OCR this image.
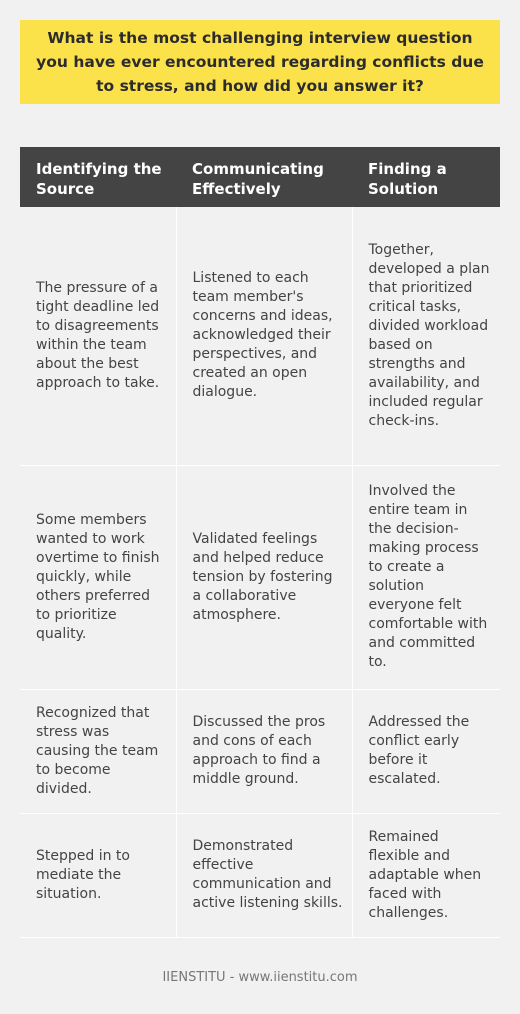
What is the most challenging interview question you have ever encountered regarding conflicts due to stress, and how did you answer it?

Identifying the Source	Communicating Effectively	Finding a Solution
The pressure of a tight deadline led to disagreements within the team about the best approach to take.	Listened to each team member's concerns and ideas, acknowledged their perspectives, and created an open dialogue.	Together, developed a plan that prioritized critical tasks, divided workload based on strengths and availability, and included regular check-ins.
Some members wanted to work overtime to finish quickly, while others preferred to prioritize quality.	Validated feelings and helped reduce tension by fostering a collaborative atmosphere.	Involved the entire team in the decision-making process to create a solution everyone felt comfortable with and committed to.
Recognized that stress was causing the team to become divided.	Discussed the pros and cons of each approach to find a middle ground.	Addressed the conflict early before it escalated.
Stepped in to mediate the situation.	Demonstrated effective communication and active listening skills.	Remained flexible and adaptable when faced with challenges.
IIENSTITU - www.iienstitu.com
